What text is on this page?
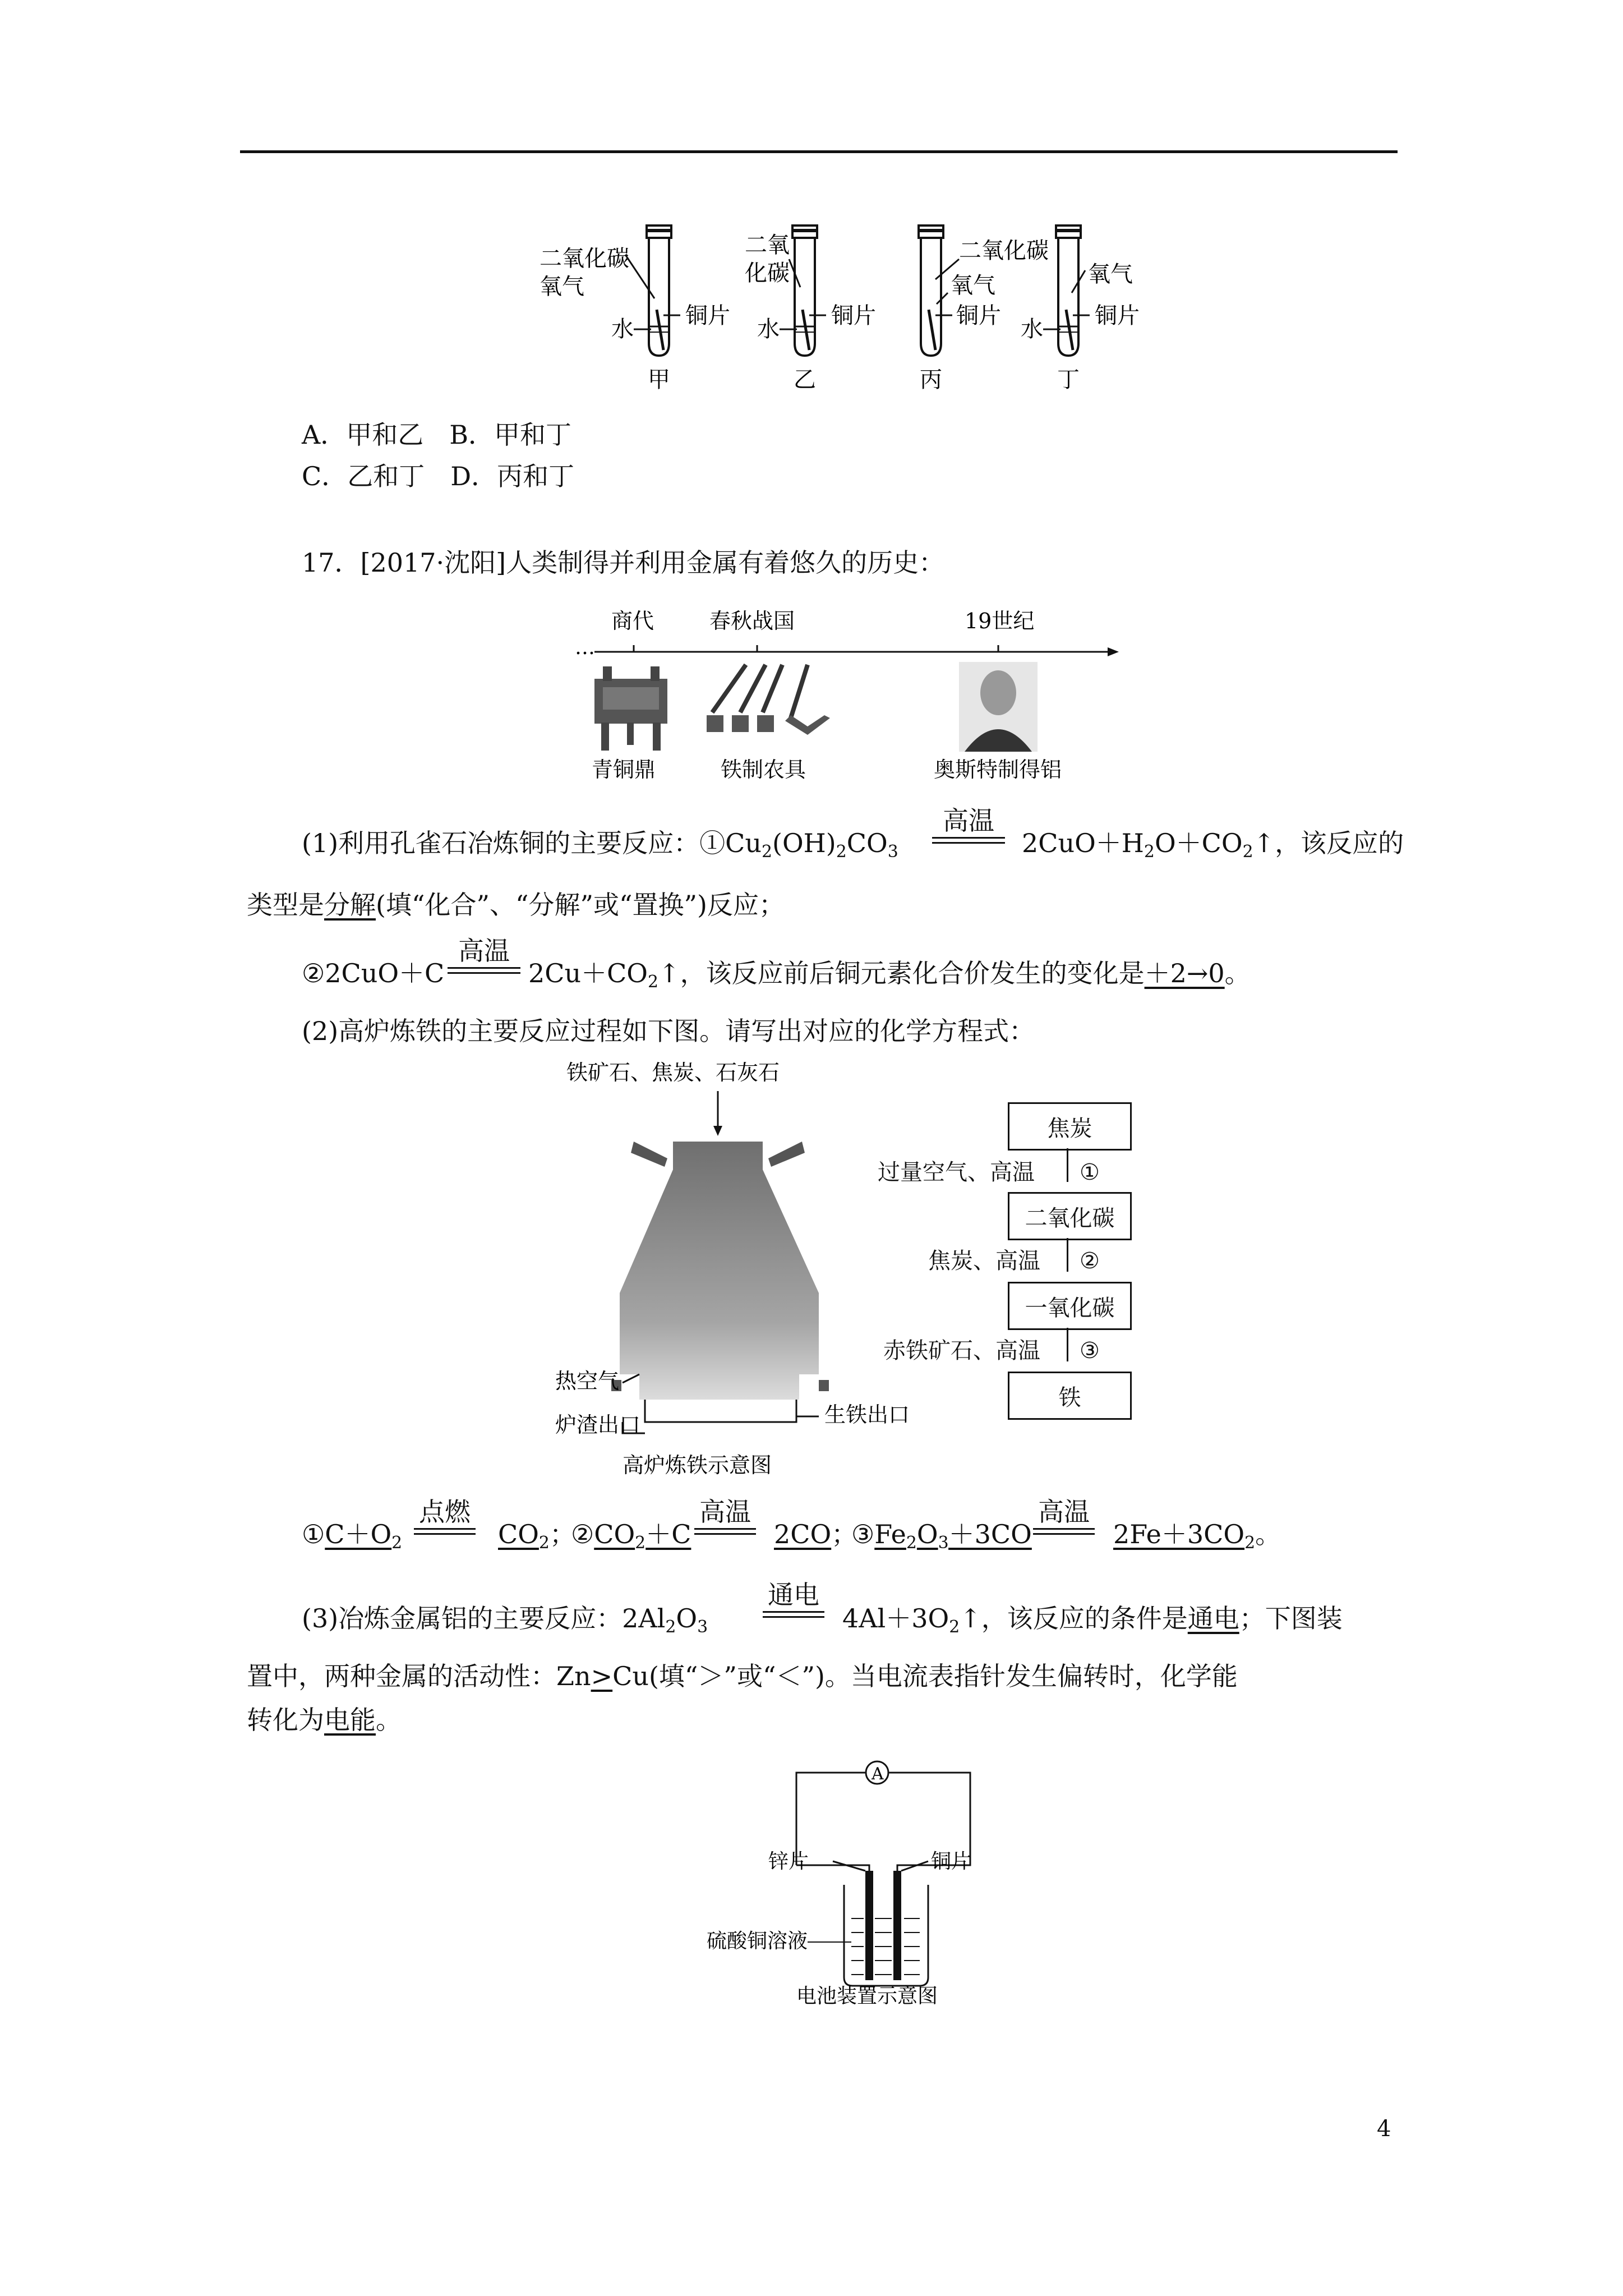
二氧化碳
氧气
铜片
水
甲
二氧
化碳
铜片
水
乙
二氧化碳
氧气
铜片
丙
氧气
铜片
水
丁
A．甲和乙　B．甲和丁
C．乙和丁　D．丙和丁
17．[2017·沈阳]人类制得并利用金属有着悠久的历史：
…
商代	春秋战国	19世纪
青铜鼎	铁制农具	奥斯特制得铝
(1)利用孔雀石冶炼铜的主要反应：$①Cu_2(OH)_2CO_3$
高温
$2CuO+H_2O+CO_2↑$，该反应的
类型是分解(填“化合”、“分解”或“置换”)反应；
②2CuO＋C
高温
$2Cu+CO_2↑$，该反应前后铜元素化合价发生的变化是＋2→0。
(2)高炉炼铁的主要反应过程如下图。请写出对应的化学方程式：
铁矿石、焦炭、石灰石
热空气
炉渣出口	生铁出口
高炉炼铁示意图
焦炭
过量空气、高温 ①
二氧化碳
焦炭、高温 ②
一氧化碳
赤铁矿石、高温 ③
铁
$①C+O_2$
点燃
$CO_2$；
$②CO_2+C$
高温
2CO；
$③Fe_2O_3+3CO$
高温
$2Fe+3CO_2$。
(3)冶炼金属铝的主要反应：$2Al_2O_3$
通电
$4Al+3O_2↑$，该反应的条件是通电；下图装
置中，两种金属的活动性：Zn>Cu(填“＞”或“＜”)。当电流表指针发生偏转时，化学能
转化为电能。
A
锌片	铜片
硫酸铜溶液
电池装置示意图
4
